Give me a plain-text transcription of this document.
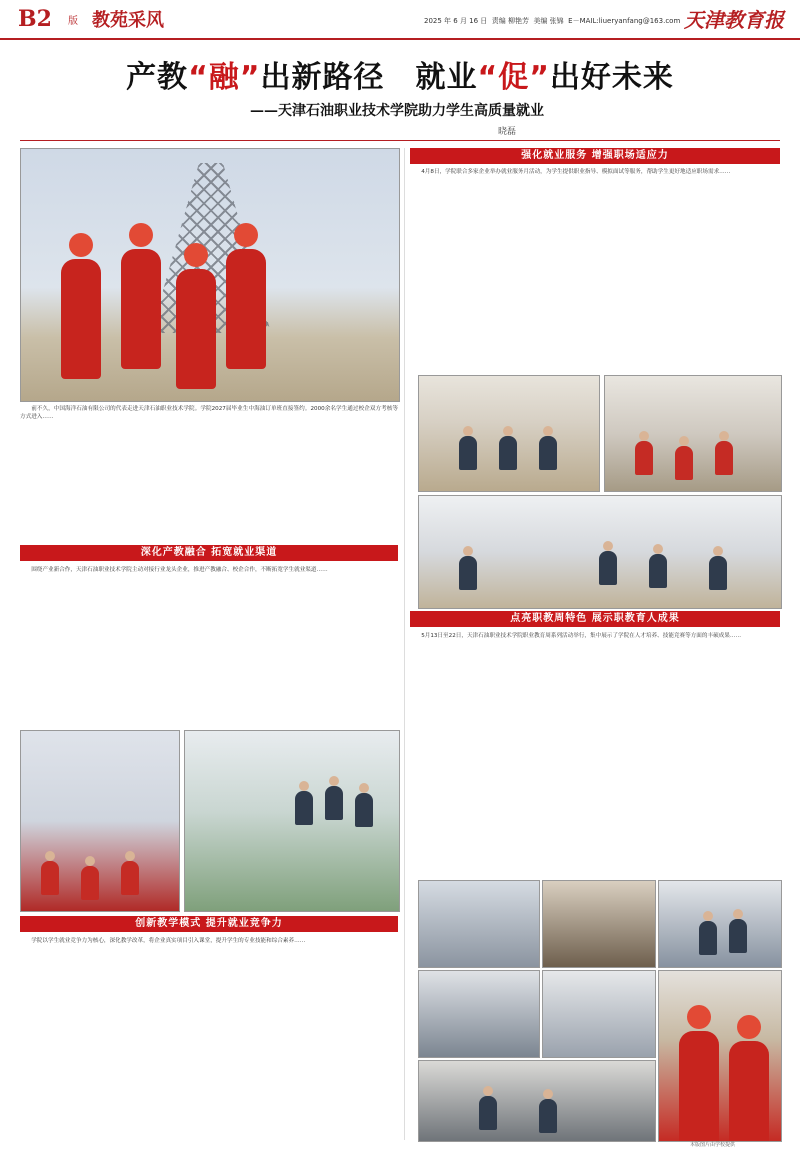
B2 版 教苑采风	2025 年 6 月 16 日 责编 柳艳芳 美编 张锦 E－MAIL:liueryanfang@163.com 天津教育报
产教“融”出新路径　就业“促”出好未来
——天津石油职业技术学院助力学生高质量就业
晓磊

前不久，中国海洋石油有限公司的代表走进天津石油职业技术学院。学院2027届毕业生中海油订单班直接签约。2000余名学生通过校企双方考核等方式进入……

深化产教融合 拓宽就业渠道

围绕产业新合作，天津石油职业技术学院主动对接行业龙头企业，推进产教融合、校企合作，不断拓宽学生就业渠道……

创新教学模式 提升就业竞争力

学院以学生就业竞争力为核心，深化教学改革，将企业真实项目引入课堂，提升学生的专业技能和综合素养……

强化就业服务 增强职场适应力

4月8日，学院联合多家企业举办就业服务月活动，为学生提供职业指导、模拟面试等服务，帮助学生更好地适应职场需求……

点亮职教周特色 展示职教育人成果

5月13日至22日，天津石油职业技术学院职业教育周系列活动举行，集中展示了学院在人才培养、技能竞赛等方面的丰硕成果……

本版图片由学校提供
